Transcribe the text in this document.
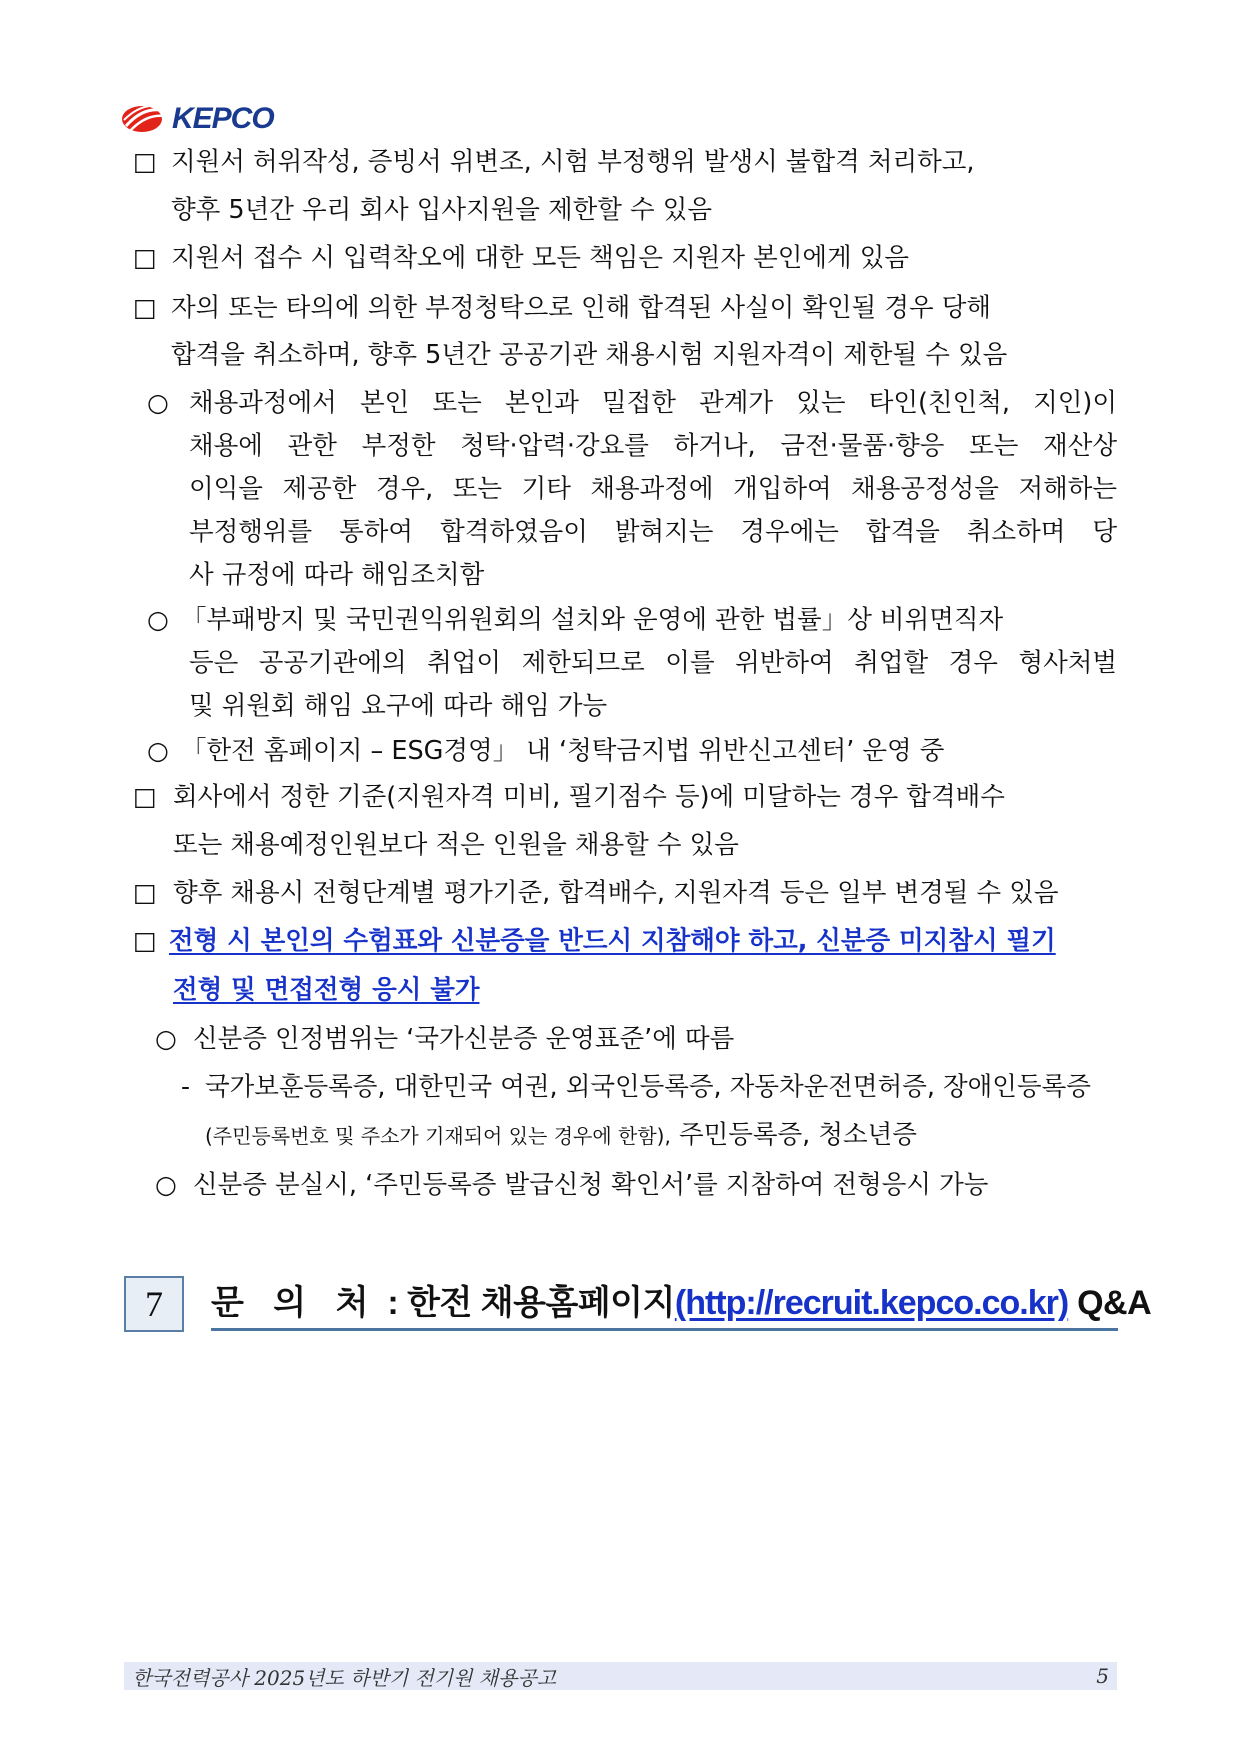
KEPCO
□ 지원서 허위작성, 증빙서 위변조, 시험 부정행위 발생시 불합격 처리하고,
향후 5년간 우리 회사 입사지원을 제한할 수 있음
□ 지원서 접수 시 입력착오에 대한 모든 책임은 지원자 본인에게 있음
□ 자의 또는 타의에 의한 부정청탁으로 인해 합격된 사실이 확인될 경우 당해
합격을 취소하며, 향후 5년간 공공기관 채용시험 지원자격이 제한될 수 있음
○ 채용과정에서 본인 또는 본인과 밀접한 관계가 있는 타인(친인척, 지인)이
채용에 관한 부정한 청탁·압력·강요를 하거나, 금전·물품·향응 또는 재산상
이익을 제공한 경우, 또는 기타 채용과정에 개입하여 채용공정성을 저해하는
부정행위를 통하여 합격하였음이 밝혀지는 경우에는 합격을 취소하며 당
사 규정에 따라 해임조치함
○ 「부패방지 및 국민권익위원회의 설치와 운영에 관한 법률」상 비위면직자
등은 공공기관에의 취업이 제한되므로 이를 위반하여 취업할 경우 형사처벌
및 위원회 해임 요구에 따라 해임 가능
○ 「한전 홈페이지 – ESG경영」 내 ‘청탁금지법 위반신고센터’ 운영 중
□ 회사에서 정한 기준(지원자격 미비, 필기점수 등)에 미달하는 경우 합격배수
또는 채용예정인원보다 적은 인원을 채용할 수 있음
□ 향후 채용시 전형단계별 평가기준, 합격배수, 지원자격 등은 일부 변경될 수 있음
□ 전형 시 본인의 수험표와 신분증을 반드시 지참해야 하고, 신분증 미지참시 필기
전형 및 면접전형 응시 불가
○ 신분증 인정범위는 ‘국가신분증 운영표준’에 따름
- 국가보훈등록증, 대한민국 여권, 외국인등록증, 자동차운전면허증, 장애인등록증
(주민등록번호 및 주소가 기재되어 있는 경우에 한함), 주민등록증, 청소년증
○ 신분증 분실시, ‘주민등록증 발급신청 확인서’를 지참하여 전형응시 가능
7	문 의 처 : 한전 채용홈페이지(http://recruit.kepco.co.kr) Q&A
한국전력공사 2025년도 하반기 전기원 채용공고	5
